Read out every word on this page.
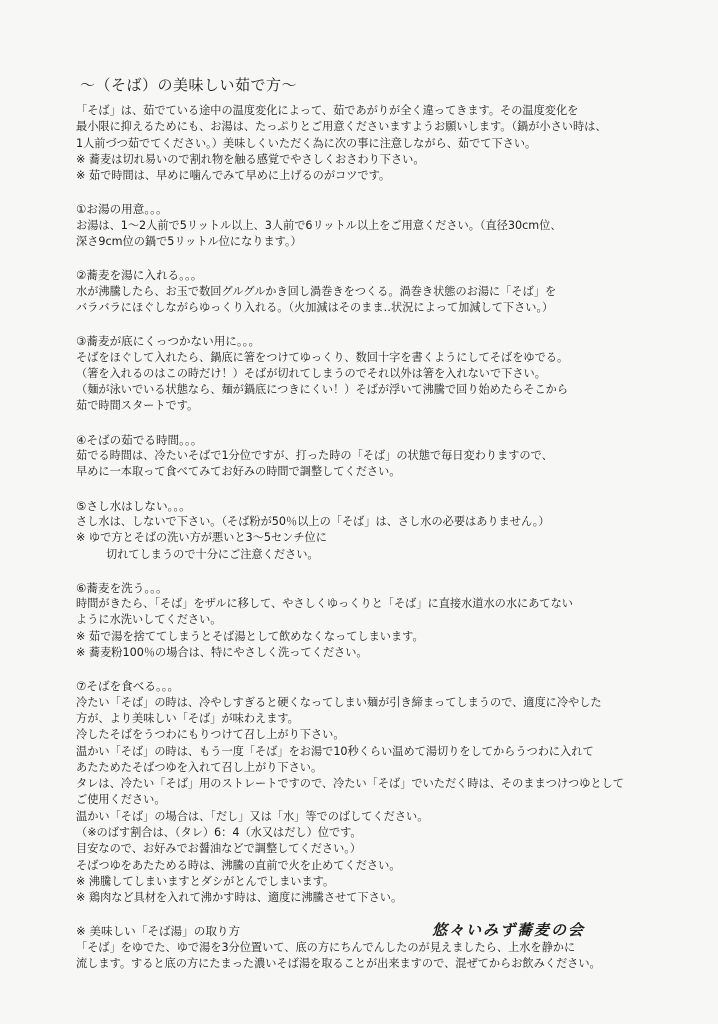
～（そば）の美味しい茹で方～
「そば」は、茹でている途中の温度変化によって、茹であがりが全く違ってきます。その温度変化を
最小限に抑えるためにも、お湯は、たっぷりとご用意くださいますようお願いします。（鍋が小さい時は、
1人前づつ茹でてください。）美味しくいただく為に次の事に注意しながら、茹でて下さい。
※ 蕎麦は切れ易いので割れ物を触る感覚でやさしくおさわり下さい。
※ 茹で時間は、早めに噛んでみて早めに上げるのがコツです。
①お湯の用意。。。
お湯は、1～2人前で5リットル以上、3人前で6リットル以上をご用意ください。（直径30cm位、
深さ9cm位の鍋で5リットル位になります。）
②蕎麦を湯に入れる。。。
水が沸騰したら、お玉で数回グルグルかき回し渦巻きをつくる。渦巻き状態のお湯に「そば」を
バラバラにほぐしながらゆっくり入れる。（火加減はそのまま‥状況によって加減して下さい。）
③蕎麦が底にくっつかない用に。。。
そばをほぐして入れたら、鍋底に箸をつけてゆっくり、数回十字を書くようにしてそばをゆでる。
（箸を入れるのはこの時だけ！）そばが切れてしまうのでそれ以外は箸を入れないで下さい。
（麺が泳いでいる状態なら、麺が鍋底につきにくい！）そばが浮いて沸騰で回り始めたらそこから
茹で時間スタートです。
④そばの茹でる時間。。。
茹でる時間は、冷たいそばで1分位ですが、打った時の「そば」の状態で毎日変わりますので、
早めに一本取って食べてみてお好みの時間で調整してください。
⑤さし水はしない。。。
さし水は、しないで下さい。（そば粉が50％以上の「そば」は、さし水の必要はありません。）
※ ゆで方とそばの洗い方が悪いと3～5センチ位に
切れてしまうので十分にご注意ください。
⑥蕎麦を洗う。。。
時間がきたら、「そば」をザルに移して、やさしくゆっくりと「そば」に直接水道水の水にあてない
ように水洗いしてください。
※ 茹で湯を捨ててしまうとそば湯として飲めなくなってしまいます。
※ 蕎麦粉100％の場合は、特にやさしく洗ってください。
⑦そばを食べる。。。
冷たい「そば」の時は、冷やしすぎると硬くなってしまい麺が引き締まってしまうので、適度に冷やした
方が、より美味しい「そば」が味わえます。
冷したそばをうつわにもりつけて召し上がり下さい。
温かい「そば」の時は、もう一度「そば」をお湯で10秒くらい温めて湯切りをしてからうつわに入れて
あたためたそばつゆを入れて召し上がり下さい。
タレは、冷たい「そば」用のストレートですので、冷たい「そば」でいただく時は、そのままつけつゆとして
ご使用ください。
温かい「そば」の場合は、「だし」又は「水」等でのばしてください。
（※のばす割合は、（タレ）6：4（水又はだし）位です。
目安なので、お好みでお醤油などで調整してください。）
そばつゆをあたためる時は、沸騰の直前で火を止めてください。
※ 沸騰してしまいますとダシがとんでしまいます。
※ 鶏肉など具材を入れて沸かす時は、適度に沸騰させて下さい。
※ 美味しい「そば湯」の取り方
「そば」をゆでた、ゆで湯を3分位置いて、底の方にちんでんしたのが見えましたら、上水を静かに
流します。すると底の方にたまった濃いそば湯を取ることが出来ますので、混ぜてからお飲みください。
悠々いみず蕎麦の会
